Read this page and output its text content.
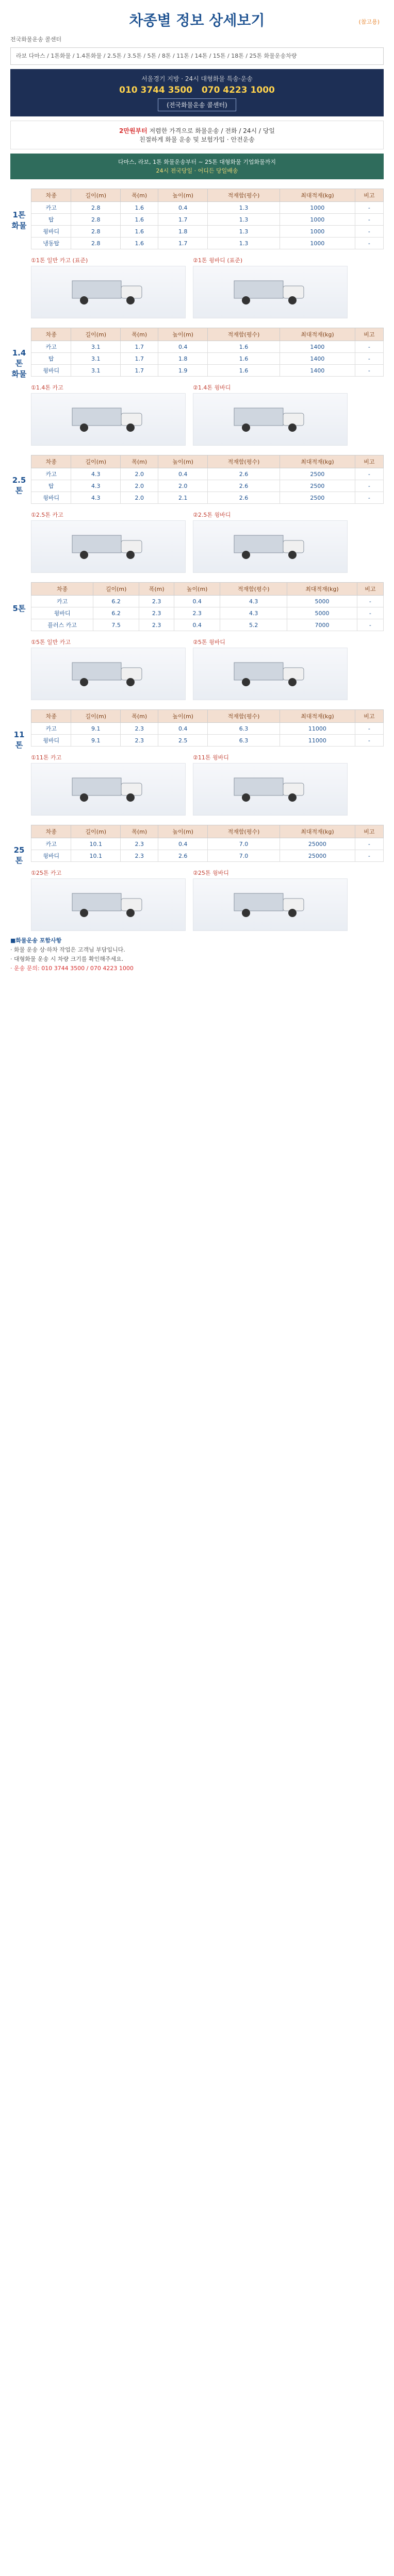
차종별 정보 상세보기	(참고용)
전국화물운송 콜센터
라보 다마스 / 1톤화물 / 1.4톤화물 / 2.5톤 / 3.5톤 / 5톤 / 8톤 / 11톤 / 14톤 / 15톤 / 18톤 / 25톤 화물운송차량
서울경기 지방 · 24시 대형화물 특송·운송
010 3744 3500 070 4223 1000
(전국화물운송 콜센터)
2만원부터 저렴한 가격으로 화물운송 / 전화 / 24시 / 당일
친절하게 화물 운송 및 보험가입 · 안전운송
다마스, 라보, 1톤 화물운송부터 ~ 25톤 대형화물 기업화물까지
24시 전국당일 · 어디든 당일배송
1톤 화물
차종	길이(m)	폭(m)	높이(m)	적재함(평수)	최대적재(kg)	비고
카고	2.8	1.6	0.4	1.3	1000	-
탑	2.8	1.6	1.7	1.3	1000	-
윙바디	2.8	1.6	1.8	1.3	1000	-
냉동탑	2.8	1.6	1.7	1.3	1000	-
①1톤 일반 카고 (표준)	②1톤 윙바디 (표준)
1.4톤 화물
차종	길이(m)	폭(m)	높이(m)	적재함(평수)	최대적재(kg)	비고
카고	3.1	1.7	0.4	1.6	1400	-
탑	3.1	1.7	1.8	1.6	1400	-
윙바디	3.1	1.7	1.9	1.6	1400	-
①1.4톤 카고	②1.4톤 윙바디
2.5톤
차종	길이(m)	폭(m)	높이(m)	적재함(평수)	최대적재(kg)	비고
카고	4.3	2.0	0.4	2.6	2500	-
탑	4.3	2.0	2.0	2.6	2500	-
윙바디	4.3	2.0	2.1	2.6	2500	-
①2.5톤 카고	②2.5톤 윙바디
5톤
차종	길이(m)	폭(m)	높이(m)	적재함(평수)	최대적재(kg)	비고
카고	6.2	2.3	0.4	4.3	5000	-
윙바디	6.2	2.3	2.3	4.3	5000	-
플러스 카고	7.5	2.3	0.4	5.2	7000	-
①5톤 일반 카고	②5톤 윙바디
11톤
차종	길이(m)	폭(m)	높이(m)	적재함(평수)	최대적재(kg)	비고
카고	9.1	2.3	0.4	6.3	11000	-
윙바디	9.1	2.3	2.5	6.3	11000	-
①11톤 카고	②11톤 윙바디
25톤
차종	길이(m)	폭(m)	높이(m)	적재함(평수)	최대적재(kg)	비고
카고	10.1	2.3	0.4	7.0	25000	-
윙바디	10.1	2.3	2.6	7.0	25000	-
①25톤 카고	②25톤 윙바디
■화물운송 포함사항
· 화물 운송 상·하차 작업은 고객님 부담입니다.
· 대형화물 운송 시 차량 크기를 확인해주세요.
· 운송 문의: 010 3744 3500 / 070 4223 1000
